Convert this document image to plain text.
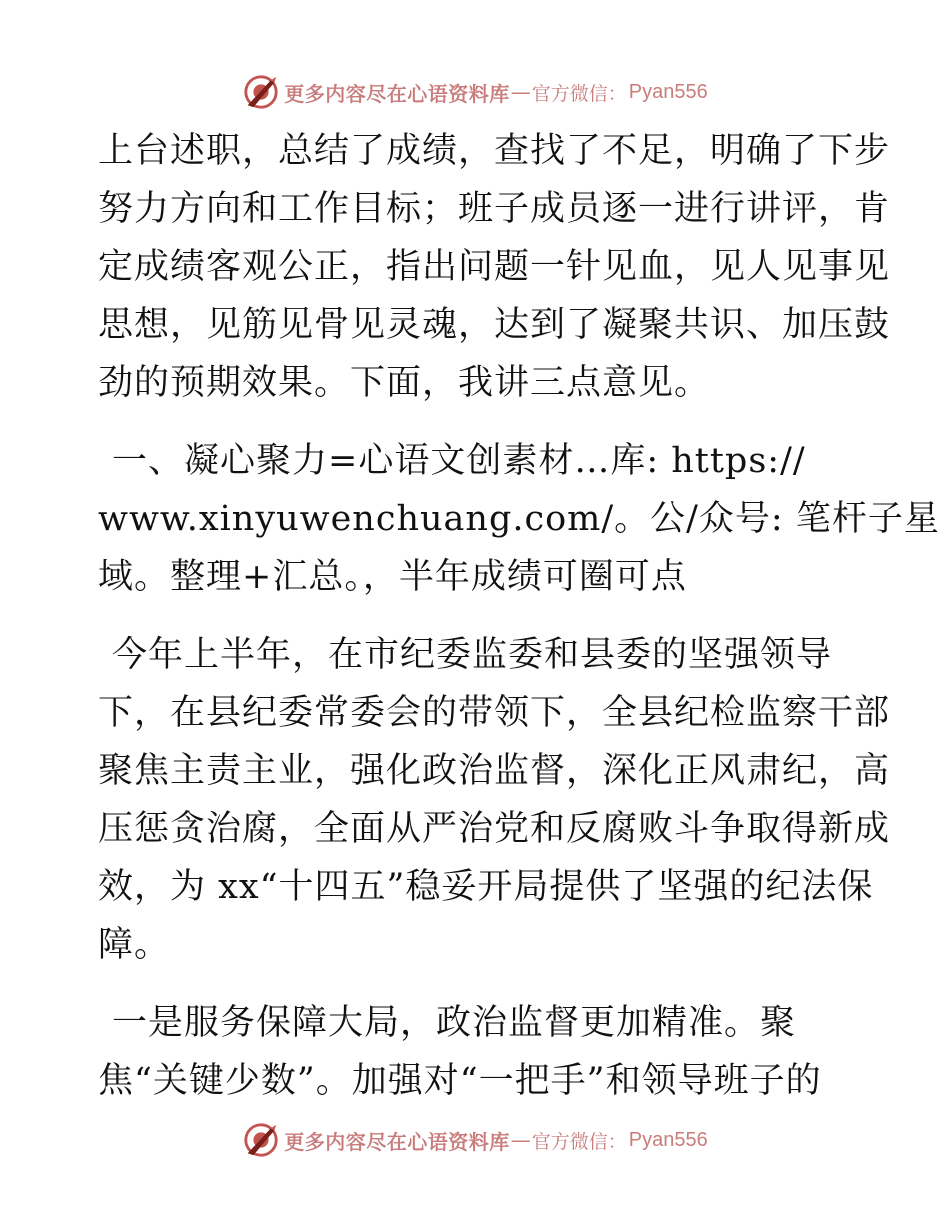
更多内容尽在心语资料库 — 官方微信： Pyan556
上台述职，总结了成绩，查找了不足，明确了下步
努力方向和工作目标；班子成员逐一进行讲评，肯
定成绩客观公正，指出问题一针见血，见人见事见
思想，见筋见骨见灵魂，达到了凝聚共识、加压鼓
劲的预期效果。下面，我讲三点意见。
一、凝心聚力=心语文创素材…库: https://
www.xinyuwenchuang.com/。公/众号: 笔杆子星
域。整理+汇总。，半年成绩可圈可点
今年上半年，在市纪委监委和县委的坚强领导
下，在县纪委常委会的带领下，全县纪检监察干部
聚焦主责主业，强化政治监督，深化正风肃纪，高
压惩贪治腐，全面从严治党和反腐败斗争取得新成
效，为 xx“十四五”稳妥开局提供了坚强的纪法保
障。
一是服务保障大局，政治监督更加精准。聚
焦“关键少数”。加强对“一把手”和领导班子的
更多内容尽在心语资料库 — 官方微信： Pyan556
